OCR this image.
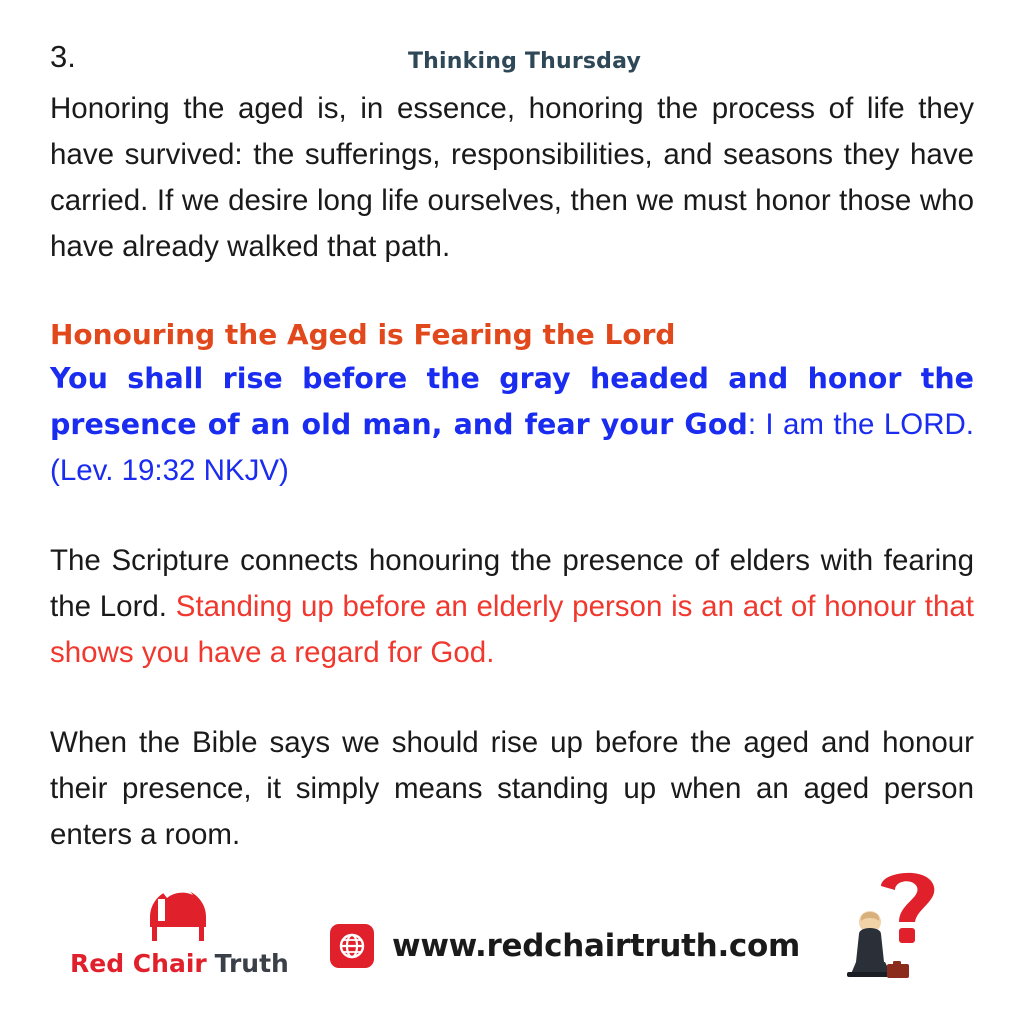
3.	Thinking Thursday

Honoring the aged is, in essence, honoring the process of life they have survived: the sufferings, responsibilities, and seasons they have carried. If we desire long life ourselves, then we must honor those who have already walked that path.

Honouring the Aged is Fearing the Lord

You shall rise before the gray headed and honor the presence of an old man, and fear your God: I am the LORD. (Lev. 19:32 NKJV)

The Scripture connects honouring the presence of elders with fearing the Lord. Standing up before an elderly person is an act of honour that shows you have a regard for God.

When the Bible says we should rise up before the aged and honour their presence, it simply means standing up when an aged person enters a room.

Red Chair Truth	www.redchairtruth.com
